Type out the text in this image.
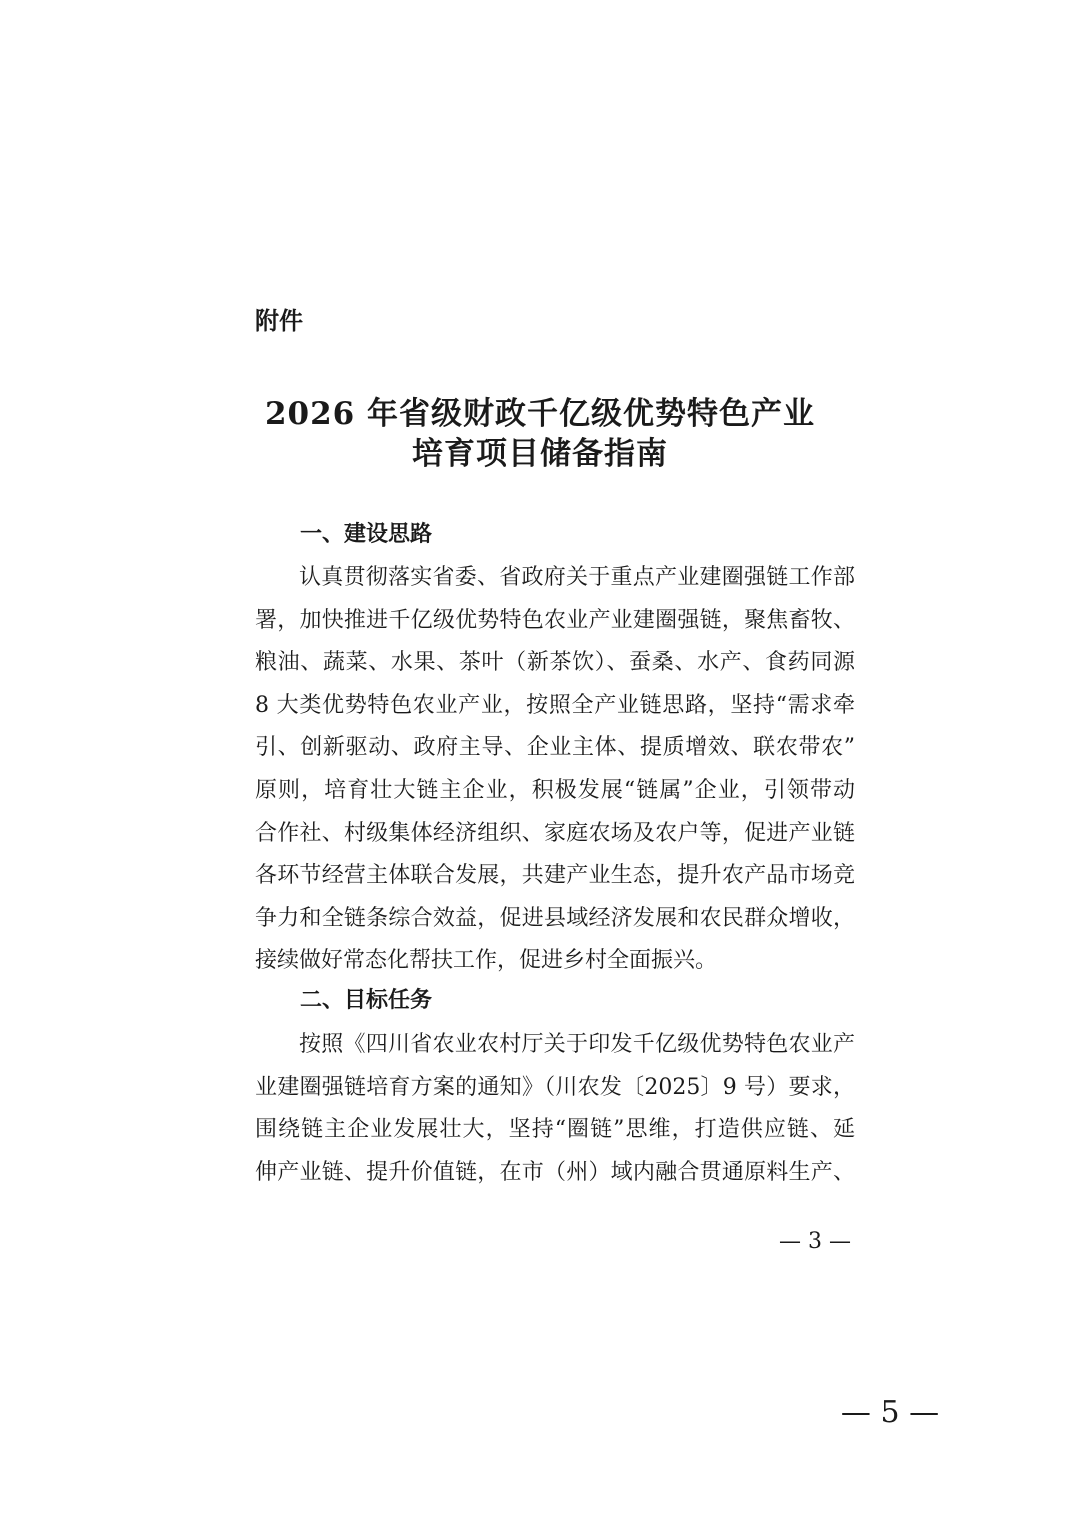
附件
2026 年省级财政千亿级优势特色产业
培育项目储备指南
一、建设思路
认真贯彻落实省委、省政府关于重点产业建圈强链工作部
署，加快推进千亿级优势特色农业产业建圈强链，聚焦畜牧、
粮油、蔬菜、水果、茶叶（新茶饮）、蚕桑、水产、食药同源
8 大类优势特色农业产业，按照全产业链思路，坚持“需求牵
引、创新驱动、政府主导、企业主体、提质增效、联农带农”
原则，培育壮大链主企业，积极发展“链属”企业，引领带动
合作社、村级集体经济组织、家庭农场及农户等，促进产业链
各环节经营主体联合发展，共建产业生态，提升农产品市场竞
争力和全链条综合效益，促进县域经济发展和农民群众增收，
接续做好常态化帮扶工作，促进乡村全面振兴。
二、目标任务
按照《四川省农业农村厅关于印发千亿级优势特色农业产
业建圈强链培育方案的通知》（川农发〔2025〕9 号）要求，
围绕链主企业发展壮大，坚持“圈链”思维，打造供应链、延
伸产业链、提升价值链，在市（州）域内融合贯通原料生产、
— 3 —
— 5 —
